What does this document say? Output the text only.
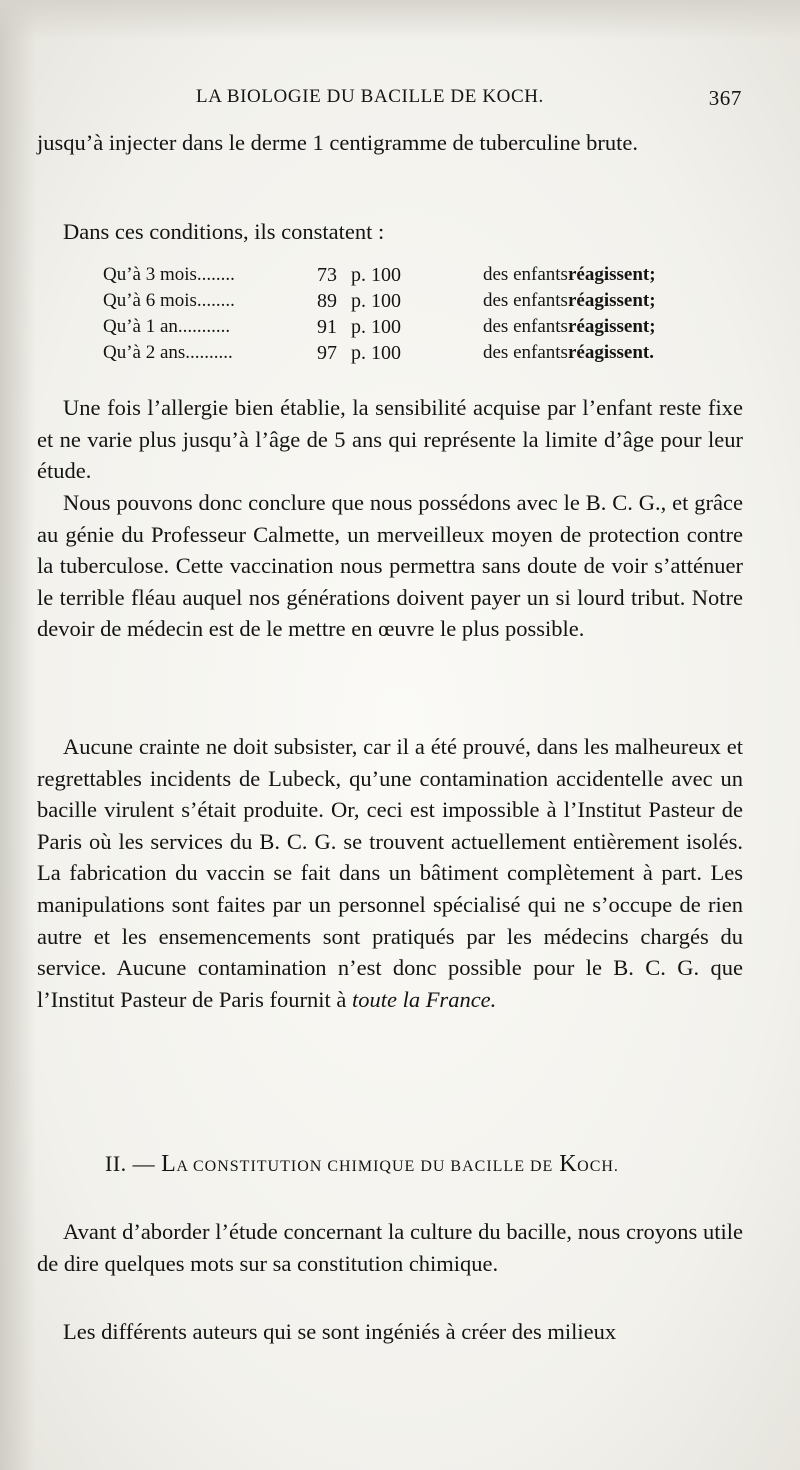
LA BIOLOGIE DU BACILLE DE KOCH.	367
jusqu’à injecter dans le derme 1 centigramme de tuberculine brute.
Dans ces conditions, ils constatent :
Qu’à 3 mois........	73 p. 100	des enfants réagissent;
Qu’à 6 mois........	89 p. 100	des enfants réagissent;
Qu’à 1 an...........	91 p. 100	des enfants réagissent;
Qu’à 2 ans..........	97 p. 100	des enfants réagissent.
Une fois l’allergie bien établie, la sensibilité acquise par l’enfant reste fixe et ne varie plus jusqu’à l’âge de 5 ans qui représente la limite d’âge pour leur étude.
Nous pouvons donc conclure que nous possédons avec le B. C. G., et grâce au génie du Professeur Calmette, un merveilleux moyen de protection contre la tuberculose. Cette vaccination nous permettra sans doute de voir s’atténuer le terrible fléau auquel nos générations doivent payer un si lourd tribut. Notre devoir de médecin est de le mettre en œuvre le plus possible.
Aucune crainte ne doit subsister, car il a été prouvé, dans les malheureux et regrettables incidents de Lubeck, qu’une contamination accidentelle avec un bacille virulent s’était produite. Or, ceci est impossible à l’Institut Pasteur de Paris où les services du B. C. G. se trouvent actuellement entièrement isolés. La fabrication du vaccin se fait dans un bâtiment complètement à part. Les manipulations sont faites par un personnel spécialisé qui ne s’occupe de rien autre et les ensemencements sont pratiqués par les médecins chargés du service. Aucune contamination n’est donc possible pour le B. C. G. que l’Institut Pasteur de Paris fournit à toute la France.
II. — LA CONSTITUTION CHIMIQUE DU BACILLE DE KOCH.
Avant d’aborder l’étude concernant la culture du bacille, nous croyons utile de dire quelques mots sur sa constitution chimique.
Les différents auteurs qui se sont ingéniés à créer des milieux
